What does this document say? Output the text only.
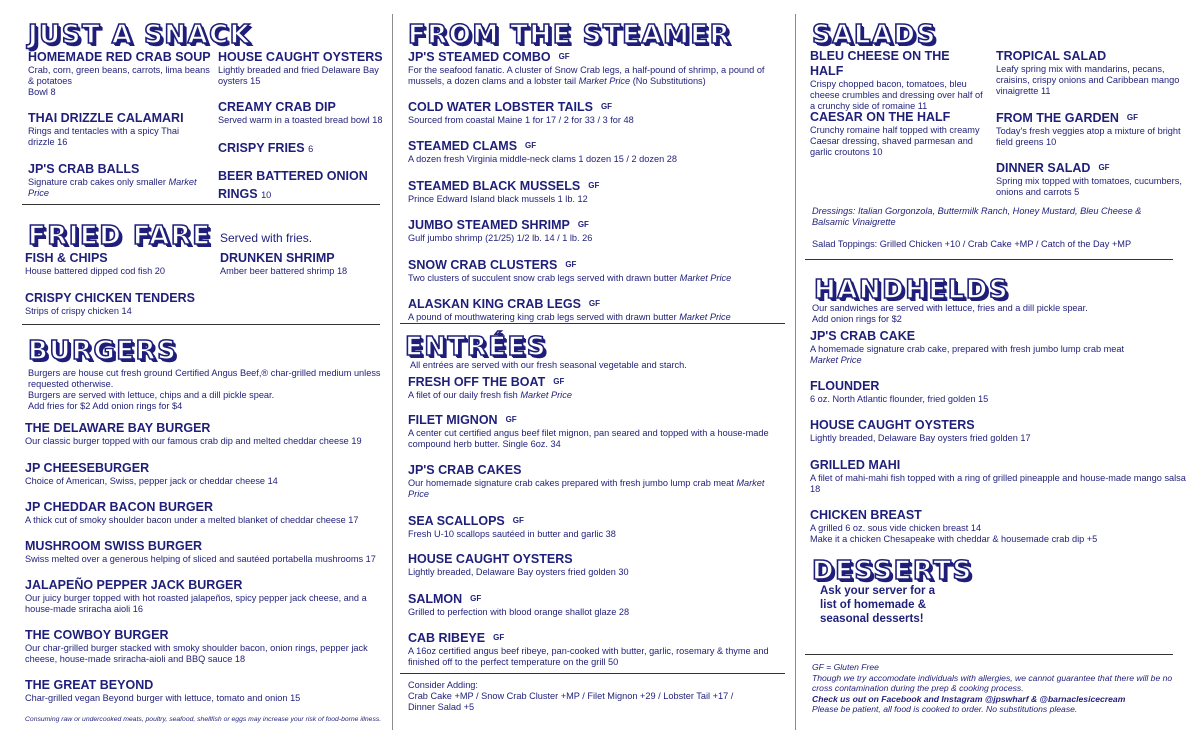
JUST A SNACK
HOMEMADE RED CRAB SOUP
Crab, corn, green beans, carrots, lima beans & potatoes
Bowl 8
THAI DRIZZLE CALAMARI
Rings and tentacles with a spicy Thai drizzle 16
JP'S CRAB BALLS
Signature crab cakes only smaller Market Price
HOUSE CAUGHT OYSTERS
Lightly breaded and fried Delaware Bay oysters 15
CREAMY CRAB DIP
Served warm in a toasted bread bowl 18
CRISPY FRIES 6
BEER BATTERED ONION RINGS 10
FRIED FARE Served with fries.
FISH & CHIPS
House battered dipped cod fish 20
DRUNKEN SHRIMP
Amber beer battered shrimp 18
CRISPY CHICKEN TENDERS
Strips of crispy chicken 14
BURGERS
Burgers are house cut fresh ground Certified Angus Beef,® char-grilled medium unless
requested otherwise.
Burgers are served with lettuce, chips and a dill pickle spear.
Add fries for $2 Add onion rings for $4
THE DELAWARE BAY BURGER
Our classic burger topped with our famous crab dip and melted cheddar cheese 19
JP CHEESEBURGER
Choice of American, Swiss, pepper jack or cheddar cheese 14
JP CHEDDAR BACON BURGER
A thick cut of smoky shoulder bacon under a melted blanket of cheddar cheese 17
MUSHROOM SWISS BURGER
Swiss melted over a generous helping of sliced and sautéed portabella mushrooms 17
JALAPEÑO PEPPER JACK BURGER
Our juicy burger topped with hot roasted jalapeños, spicy pepper jack cheese, and a house-made sriracha aioli 16
THE COWBOY BURGER
Our char-grilled burger stacked with smoky shoulder bacon, onion rings, pepper jack cheese, house-made sriracha-aioli and BBQ sauce 18
THE GREAT BEYOND
Char-grilled vegan Beyond burger with lettuce, tomato and onion 15
Consuming raw or undercooked meats, poultry, seafood, shellfish or eggs may increase your risk of food-borne illness.
FROM THE STEAMER
JP'S STEAMED COMBO GF
For the seafood fanatic. A cluster of Snow Crab legs, a half-pound of shrimp, a pound of mussels, a dozen clams and a lobster tail Market Price (No Substitutions)
COLD WATER LOBSTER TAILS GF
Sourced from coastal Maine 1 for 17 / 2 for 33 / 3 for 48
STEAMED CLAMS GF
A dozen fresh Virginia middle-neck clams 1 dozen 15 / 2 dozen 28
STEAMED BLACK MUSSELS GF
Prince Edward Island black mussels 1 lb. 12
JUMBO STEAMED SHRIMP GF
Gulf jumbo shrimp (21/25) 1/2 lb. 14 / 1 lb. 26
SNOW CRAB CLUSTERS GF
Two clusters of succulent snow crab legs served with drawn butter Market Price
ALASKAN KING CRAB LEGS GF
A pound of mouthwatering king crab legs served with drawn butter Market Price
ENTRÉES
All entrées are served with our fresh seasonal vegetable and starch.
FRESH OFF THE BOAT GF
A filet of our daily fresh fish Market Price
FILET MIGNON GF
A center cut certified angus beef filet mignon, pan seared and topped with a house-made compound herb butter. Single 6oz. 34
JP'S CRAB CAKES
Our homemade signature crab cakes prepared with fresh jumbo lump crab meat Market Price
SEA SCALLOPS GF
Fresh U-10 scallops sautéed in butter and garlic 38
HOUSE CAUGHT OYSTERS
Lightly breaded, Delaware Bay oysters fried golden 30
SALMON GF
Grilled to perfection with blood orange shallot glaze 28
CAB RIBEYE GF
A 16oz certified angus beef ribeye, pan-cooked with butter, garlic, rosemary & thyme and finished off to the perfect temperature on the grill 50
Consider Adding:
Crab Cake +MP / Snow Crab Cluster +MP / Filet Mignon +29 / Lobster Tail +17 /
Dinner Salad +5
SALADS
BLEU CHEESE ON THE HALF
Crispy chopped bacon, tomatoes, bleu cheese crumbles and dressing over half of a crunchy side of romaine 11
CAESAR ON THE HALF
Crunchy romaine half topped with creamy Caesar dressing, shaved parmesan and garlic croutons 10
TROPICAL SALAD
Leafy spring mix with mandarins, pecans, craisins, crispy onions and Caribbean mango vinaigrette 11
FROM THE GARDEN GF
Today's fresh veggies atop a mixture of bright field greens 10
DINNER SALAD GF
Spring mix topped with tomatoes, cucumbers, onions and carrots 5
Dressings: Italian Gorgonzola, Buttermilk Ranch, Honey Mustard, Bleu Cheese & Balsamic Vinaigrette
Salad Toppings: Grilled Chicken +10 / Crab Cake +MP / Catch of the Day +MP
HANDHELDS
Our sandwiches are served with lettuce, fries and a dill pickle spear.
Add onion rings for $2
JP'S CRAB CAKE
A homemade signature crab cake, prepared with fresh jumbo lump crab meat
Market Price
FLOUNDER
6 oz. North Atlantic flounder, fried golden 15
HOUSE CAUGHT OYSTERS
Lightly breaded, Delaware Bay oysters fried golden 17
GRILLED MAHI
A filet of mahi-mahi fish topped with a ring of grilled pineapple and house-made mango salsa 18
CHICKEN BREAST
A grilled 6 oz. sous vide chicken breast 14
Make it a chicken Chesapeake with cheddar & housemade crab dip +5
DESSERTS
Ask your server for a
list of homemade &
seasonal desserts!
GF = Gluten Free
Though we try accomodate individuals with allergies, we cannot guarantee that there will be no cross contamination during the prep & cooking process.
Check us out on Facebook and Instagram @jpswharf & @barnaclesicecream
Please be patient, all food is cooked to order. No substitutions please.
